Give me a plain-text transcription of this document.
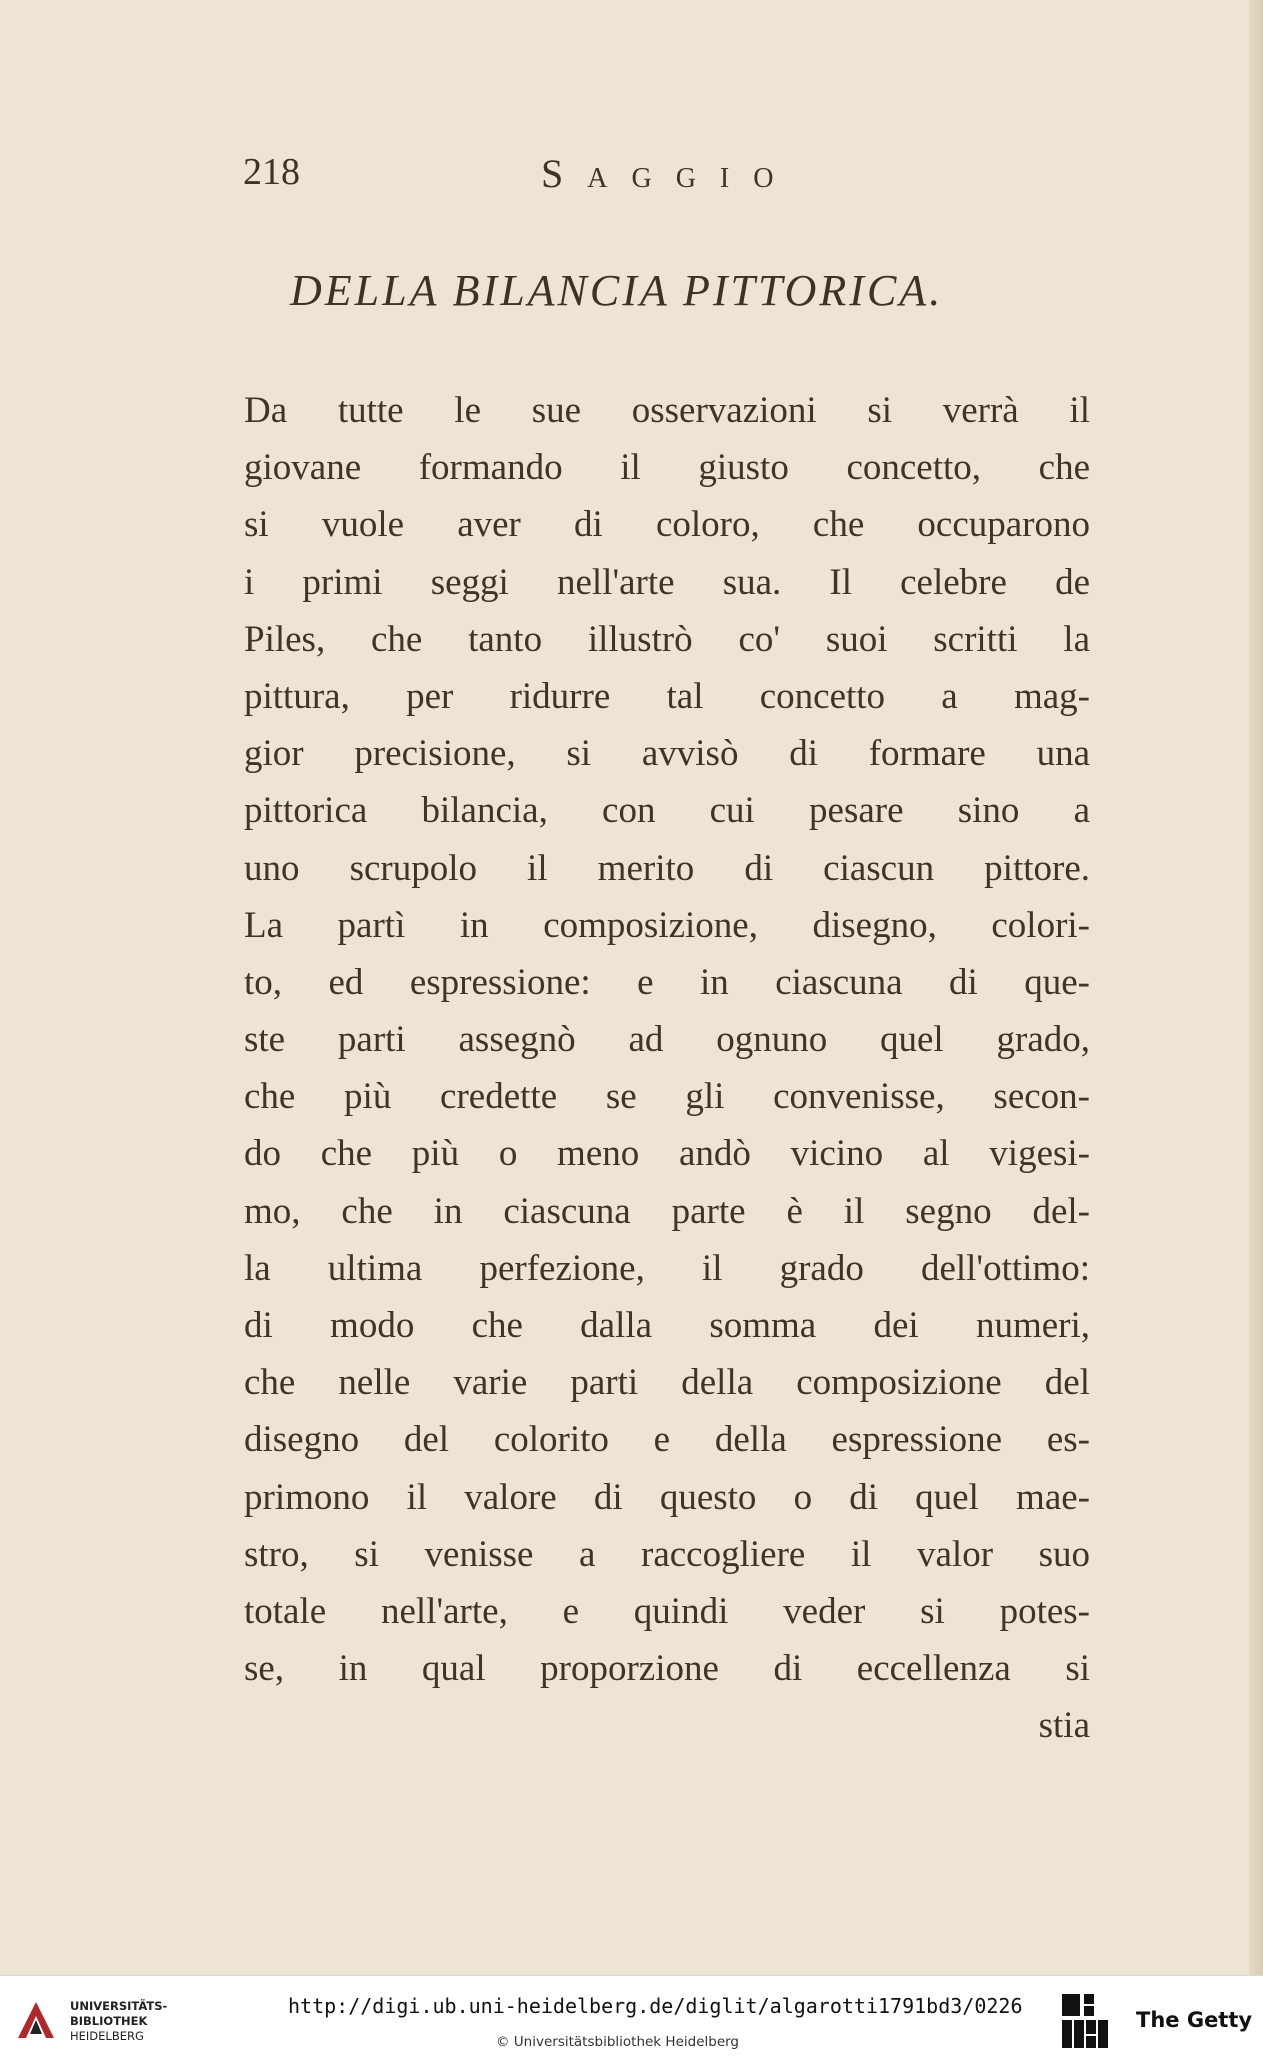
218	Saggio
DELLA BILANCIA PITTORICA.
Da tutte le sue osservazioni si verrà il
giovane formando il giusto concetto, che
si vuole aver di coloro, che occuparono
i primi seggi nell'arte sua. Il celebre de
Piles, che tanto illustrò co' suoi scritti la
pittura, per ridurre tal concetto a mag-
gior precisione, si avvisò di formare una
pittorica bilancia, con cui pesare sino a
uno scrupolo il merito di ciascun pittore.
La partì in composizione, disegno, colori-
to, ed espressione: e in ciascuna di que-
ste parti assegnò ad ognuno quel grado,
che più credette se gli convenisse, secon-
do che più o meno andò vicino al vigesi-
mo, che in ciascuna parte è il segno del-
la ultima perfezione, il grado dell'ottimo:
di modo che dalla somma dei numeri,
che nelle varie parti della composizione del
disegno del colorito e della espressione es-
primono il valore di questo o di quel mae-
stro, si venisse a raccogliere il valor suo
totale nell'arte, e quindi veder si potes-
se, in qual proporzione di eccellenza si
stia
UNIVERSITÄTS-
BIBLIOTHEK
HEIDELBERG
http://digi.ub.uni-heidelberg.de/diglit/algarotti1791bd3/0226
© Universitätsbibliothek Heidelberg
The Getty
